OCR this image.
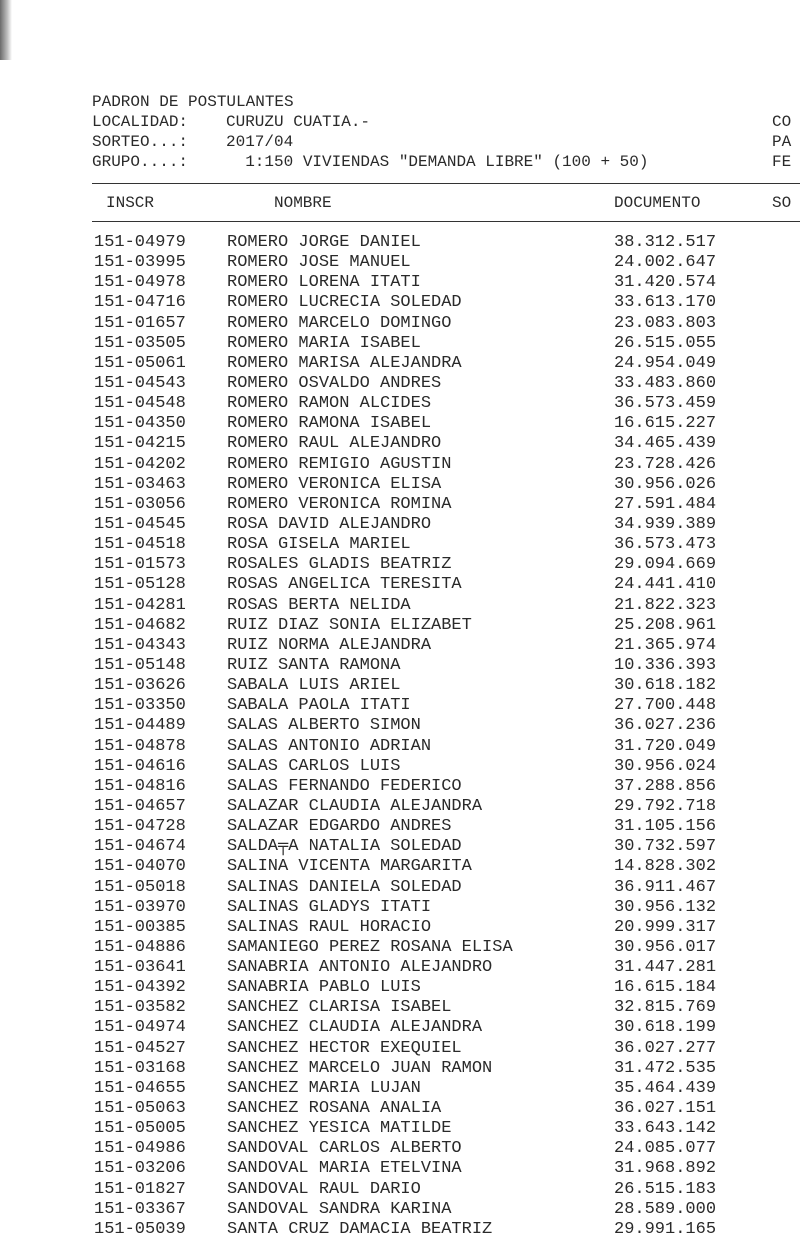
PADRON DE POSTULANTES
LOCALIDAD: CURUZU CUATIA.-
SORTEO...: 2017/04
GRUPO....:  1:150 VIVIENDAS "DEMANDA LIBRE" (100 + 50)
CO
PA
FE
INSCR	NOMBRE	DOCUMENTO	SO
151-04979 ROMERO JORGE DANIEL	38.312.517
151-03995 ROMERO JOSE MANUEL	24.002.647
151-04978 ROMERO LORENA ITATI	31.420.574
151-04716 ROMERO LUCRECIA SOLEDAD	33.613.170
151-01657 ROMERO MARCELO DOMINGO	23.083.803
151-03505 ROMERO MARIA ISABEL	26.515.055
151-05061 ROMERO MARISA ALEJANDRA	24.954.049
151-04543 ROMERO OSVALDO ANDRES	33.483.860
151-04548 ROMERO RAMON ALCIDES	36.573.459
151-04350 ROMERO RAMONA ISABEL	16.615.227
151-04215 ROMERO RAUL ALEJANDRO	34.465.439
151-04202 ROMERO REMIGIO AGUSTIN	23.728.426
151-03463 ROMERO VERONICA ELISA	30.956.026
151-03056 ROMERO VERONICA ROMINA	27.591.484
151-04545 ROSA DAVID ALEJANDRO	34.939.389
151-04518 ROSA GISELA MARIEL	36.573.473
151-01573 ROSALES GLADIS BEATRIZ	29.094.669
151-05128 ROSAS ANGELICA TERESITA	24.441.410
151-04281 ROSAS BERTA NELIDA	21.822.323
151-04682 RUIZ DIAZ SONIA ELIZABET	25.208.961
151-04343 RUIZ NORMA ALEJANDRA	21.365.974
151-05148 RUIZ SANTA RAMONA	10.336.393
151-03626 SABALA LUIS ARIEL	30.618.182
151-03350 SABALA PAOLA ITATI	27.700.448
151-04489 SALAS ALBERTO SIMON	36.027.236
151-04878 SALAS ANTONIO ADRIAN	31.720.049
151-04616 SALAS CARLOS LUIS	30.956.024
151-04816 SALAS FERNANDO FEDERICO	37.288.856
151-04657 SALAZAR CLAUDIA ALEJANDRA	29.792.718
151-04728 SALAZAR EDGARDO ANDRES	31.105.156
151-04674 SALDA╤A NATALIA SOLEDAD	30.732.597
151-04070 SALINA VICENTA MARGARITA	14.828.302
151-05018 SALINAS DANIELA SOLEDAD	36.911.467
151-03970 SALINAS GLADYS ITATI	30.956.132
151-00385 SALINAS RAUL HORACIO	20.999.317
151-04886 SAMANIEGO PEREZ ROSANA ELISA	30.956.017
151-03641 SANABRIA ANTONIO ALEJANDRO	31.447.281
151-04392 SANABRIA PABLO LUIS	16.615.184
151-03582 SANCHEZ CLARISA ISABEL	32.815.769
151-04974 SANCHEZ CLAUDIA ALEJANDRA	30.618.199
151-04527 SANCHEZ HECTOR EXEQUIEL	36.027.277
151-03168 SANCHEZ MARCELO JUAN RAMON	31.472.535
151-04655 SANCHEZ MARIA LUJAN	35.464.439
151-05063 SANCHEZ ROSANA ANALIA	36.027.151
151-05005 SANCHEZ YESICA MATILDE	33.643.142
151-04986 SANDOVAL CARLOS ALBERTO	24.085.077
151-03206 SANDOVAL MARIA ETELVINA	31.968.892
151-01827 SANDOVAL RAUL DARIO	26.515.183
151-03367 SANDOVAL SANDRA KARINA	28.589.000
151-05039 SANTA CRUZ DAMACIA BEATRIZ	29.991.165
